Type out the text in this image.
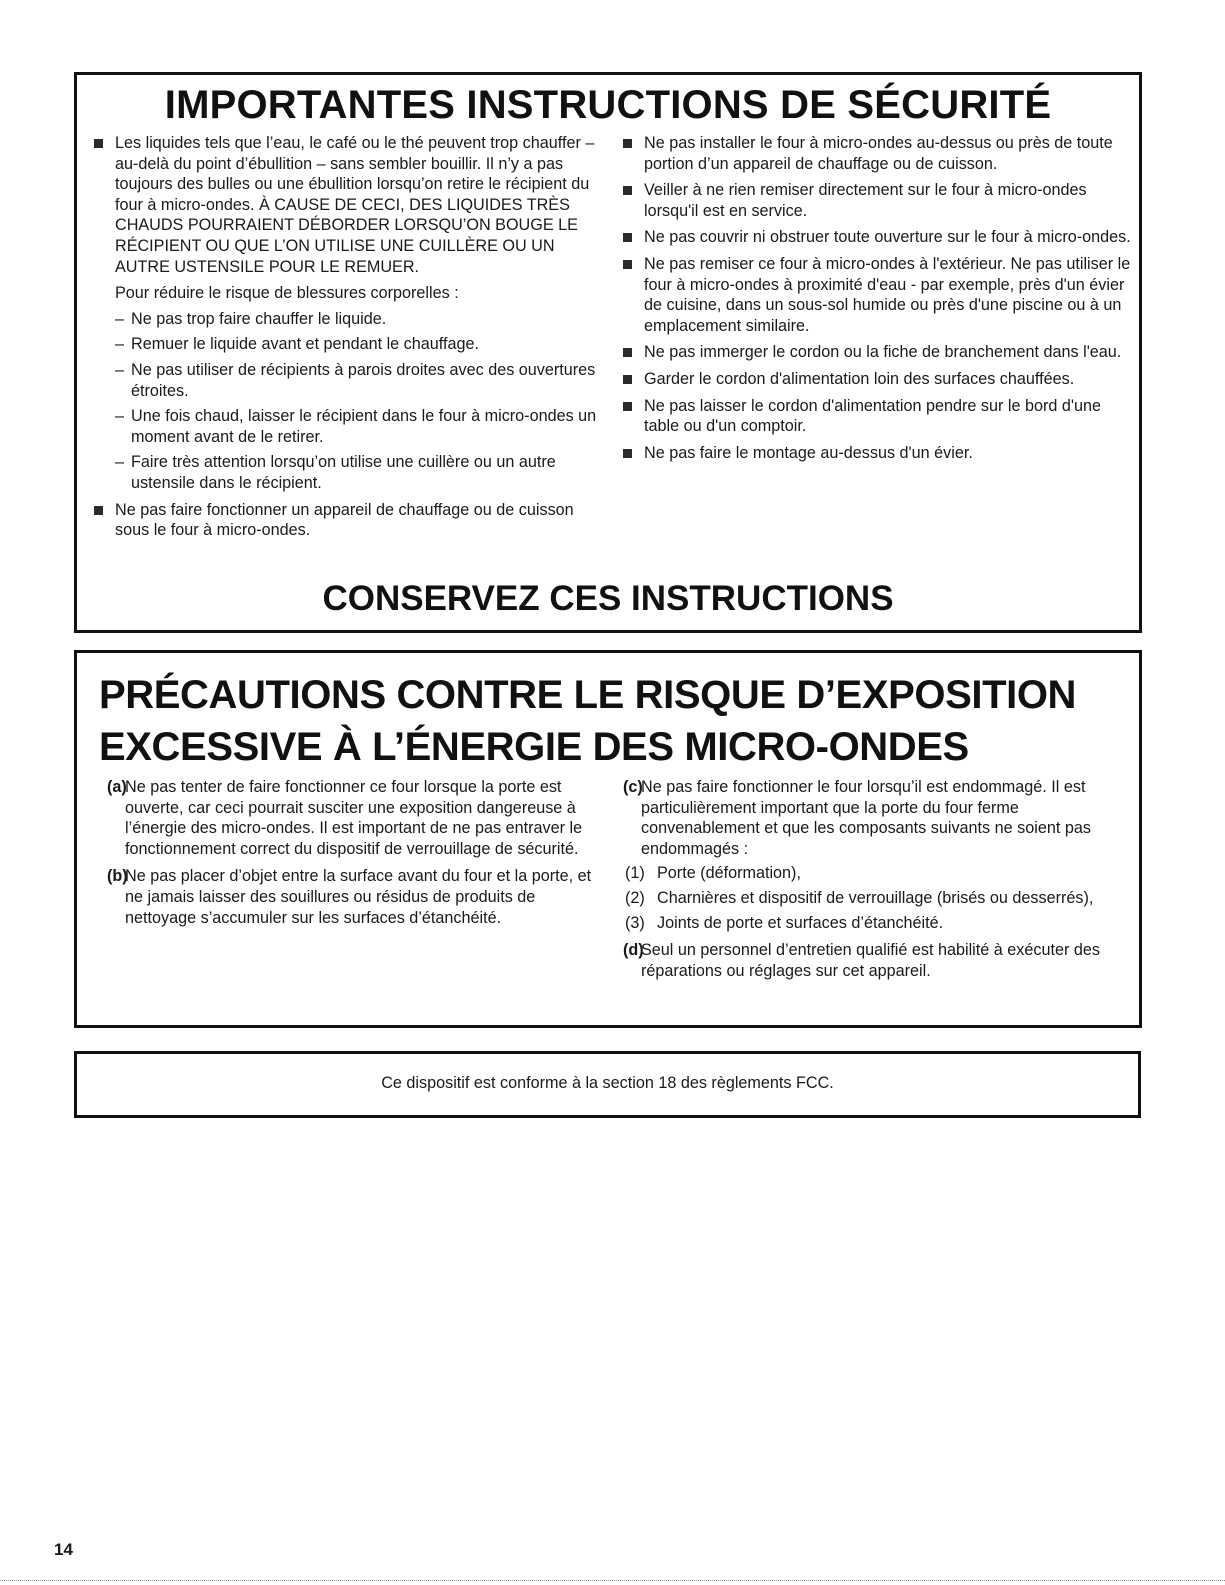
IMPORTANTES INSTRUCTIONS DE SÉCURITÉ
Les liquides tels que l’eau, le café ou le thé peuvent trop chauffer – au-delà du point d’ébullition – sans sembler bouillir. Il n’y a pas toujours des bulles ou une ébullition lorsqu’on retire le récipient du four à micro-ondes. À CAUSE DE CECI, DES LIQUIDES TRÈS CHAUDS POURRAIENT DÉBORDER LORSQU’ON BOUGE LE RÉCIPIENT OU QUE L’ON UTILISE UNE CUILLÈRE OU UN AUTRE USTENSILE POUR LE REMUER.
Pour réduire le risque de blessures corporelles :
– Ne pas trop faire chauffer le liquide.
– Remuer le liquide avant et pendant le chauffage.
– Ne pas utiliser de récipients à parois droites avec des ouvertures étroites.
– Une fois chaud, laisser le récipient dans le four à micro-ondes un moment avant de le retirer.
– Faire très attention lorsqu’on utilise une cuillère ou un autre ustensile dans le récipient.
Ne pas faire fonctionner un appareil de chauffage ou de cuisson sous le four à micro-ondes.
Ne pas installer le four à micro-ondes au-dessus ou près de toute portion d’un appareil de chauffage ou de cuisson.
Veiller à ne rien remiser directement sur le four à micro-ondes lorsqu'il est en service.
Ne pas couvrir ni obstruer toute ouverture sur le four à micro-ondes.
Ne pas remiser ce four à micro-ondes à l'extérieur. Ne pas utiliser le four à micro-ondes à proximité d'eau - par exemple, près d'un évier de cuisine, dans un sous-sol humide ou près d'une piscine ou à un emplacement similaire.
Ne pas immerger le cordon ou la fiche de branchement dans l'eau.
Garder le cordon d'alimentation loin des surfaces chauffées.
Ne pas laisser le cordon d'alimentation pendre sur le bord d'une table ou d'un comptoir.
Ne pas faire le montage au-dessus d'un évier.
CONSERVEZ CES INSTRUCTIONS
PRÉCAUTIONS CONTRE LE RISQUE D’EXPOSITION
EXCESSIVE À L’ÉNERGIE DES MICRO-ONDES
(a)
Ne pas tenter de faire fonctionner ce four lorsque la porte est ouverte, car ceci pourrait susciter une exposition dangereuse à l’énergie des micro-ondes. Il est important de ne pas entraver le fonctionnement correct du dispositif de verrouillage de sécurité.
(b)
Ne pas placer d’objet entre la surface avant du four et la porte, et ne jamais laisser des souillures ou résidus de produits de nettoyage s’accumuler sur les surfaces d’étanchéité.
(c)
Ne pas faire fonctionner le four lorsqu’il est endommagé. Il est particulièrement important que la porte du four ferme convenablement et que les composants suivants ne soient pas endommagés :
(1) Porte (déformation),
(2) Charnières et dispositif de verrouillage (brisés ou desserrés),
(3) Joints de porte et surfaces d’étanchéité.
(d)
Seul un personnel d’entretien qualifié est habilité à exécuter des réparations ou réglages sur cet appareil.
Ce dispositif est conforme à la section 18 des règlements FCC.
14
